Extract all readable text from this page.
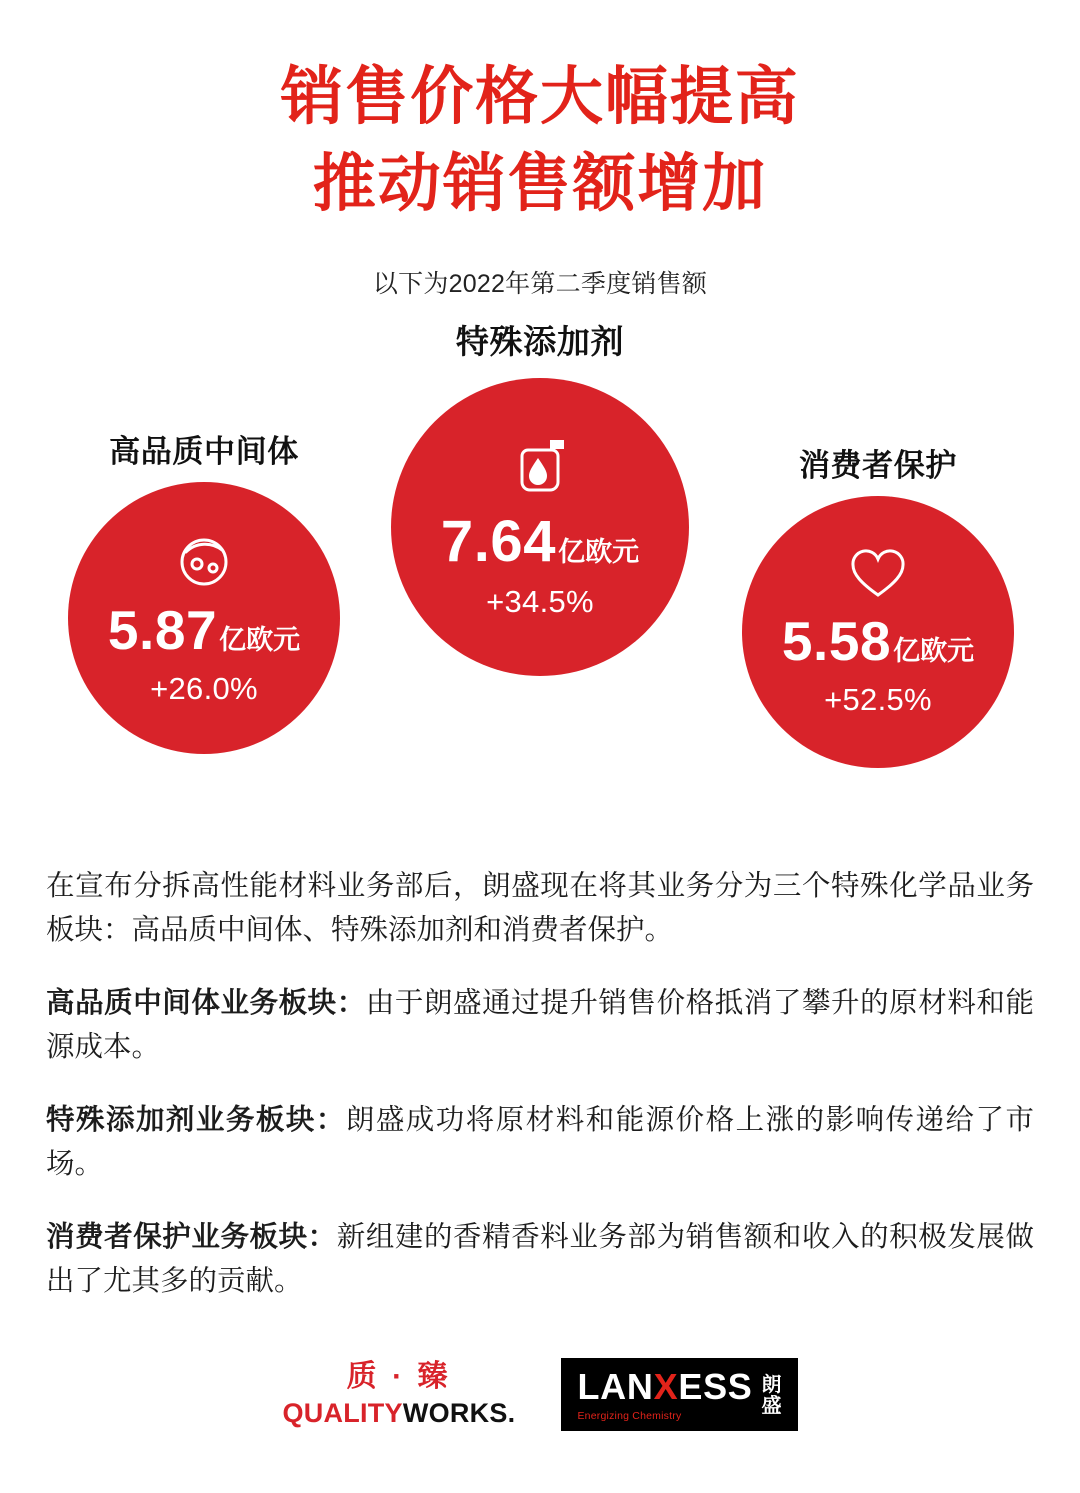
销售价格大幅提高
推动销售额增加
以下为2022年第二季度销售额
高品质中间体
5.87 亿欧元
+26.0%
特殊添加剂
7.64 亿欧元
+34.5%
消费者保护
5.58 亿欧元
+52.5%

在宣布分拆高性能材料业务部后，朗盛现在将其业务分为三个特殊化学品业务板块：高品质中间体、特殊添加剂和消费者保护。

高品质中间体业务板块：由于朗盛通过提升销售价格抵消了攀升的原材料和能源成本。

特殊添加剂业务板块：朗盛成功将原材料和能源价格上涨的影响传递给了市场。

消费者保护业务板块：新组建的香精香料业务部为销售额和收入的积极发展做出了尤其多的贡献。

质 · 臻
QUALITYWORKS.
LANXESS
Energizing Chemistry
朗
盛
